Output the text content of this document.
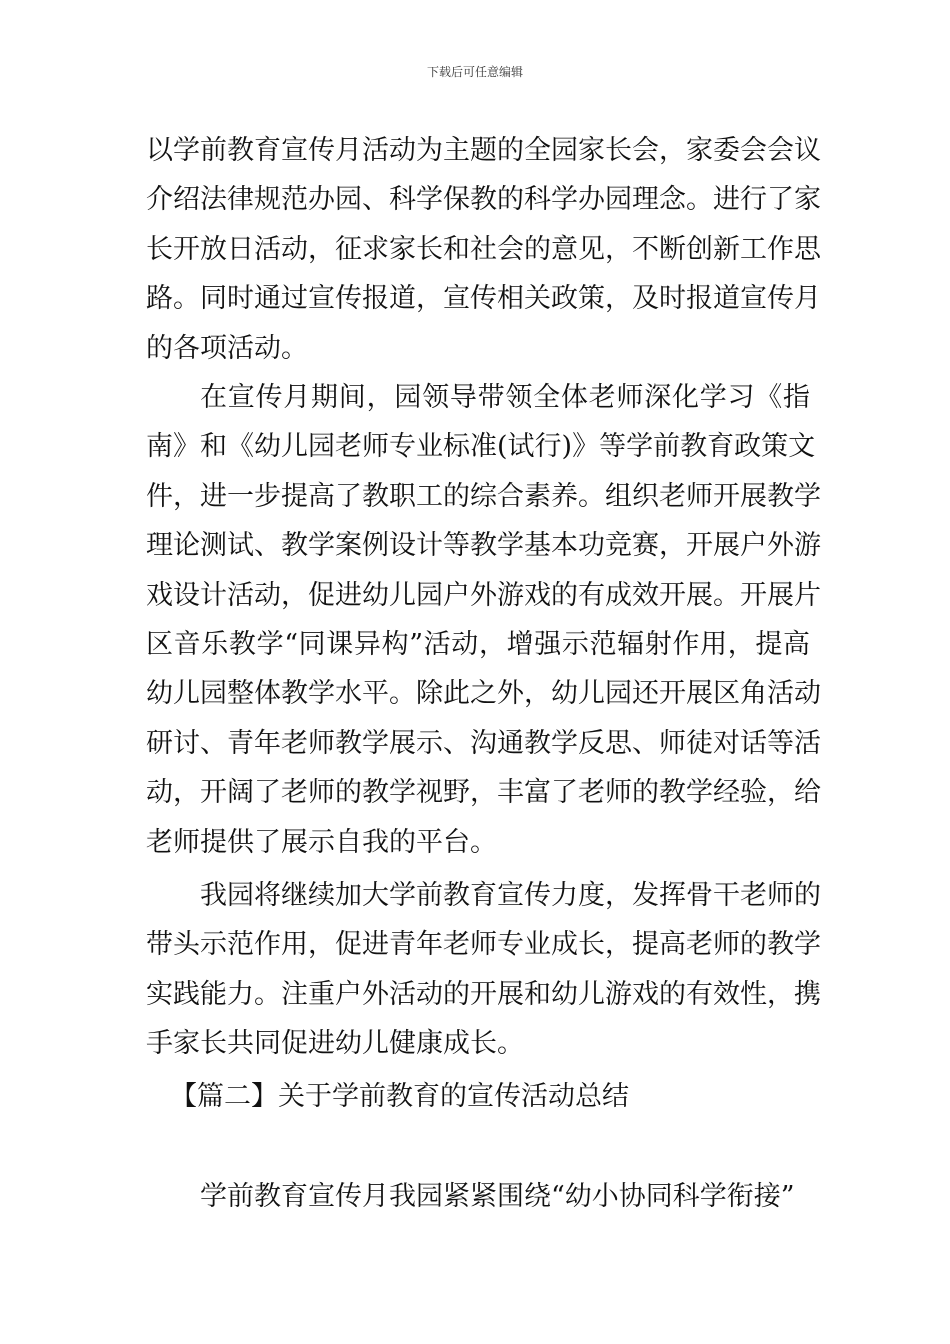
下载后可任意编辑
以学前教育宣传月活动为主题的全园家长会，家委会会议
介绍法律规范办园、科学保教的科学办园理念。进行了家
长开放日活动，征求家长和社会的意见，不断创新工作思
路。同时通过宣传报道，宣传相关政策，及时报道宣传月
的各项活动。
在宣传月期间，园领导带领全体老师深化学习《指
南》和《幼儿园老师专业标准(试行)》等学前教育政策文
件，进一步提高了教职工的综合素养。组织老师开展教学
理论测试、教学案例设计等教学基本功竞赛，开展户外游
戏设计活动，促进幼儿园户外游戏的有成效开展。开展片
区音乐教学“同课异构”活动，增强示范辐射作用，提高
幼儿园整体教学水平。除此之外，幼儿园还开展区角活动
研讨、青年老师教学展示、沟通教学反思、师徒对话等活
动，开阔了老师的教学视野，丰富了老师的教学经验，给
老师提供了展示自我的平台。
我园将继续加大学前教育宣传力度，发挥骨干老师的
带头示范作用，促进青年老师专业成长，提高老师的教学
实践能力。注重户外活动的开展和幼儿游戏的有效性，携
手家长共同促进幼儿健康成长。
【篇二】关于学前教育的宣传活动总结
学前教育宣传月我园紧紧围绕“幼小协同科学衔接”
